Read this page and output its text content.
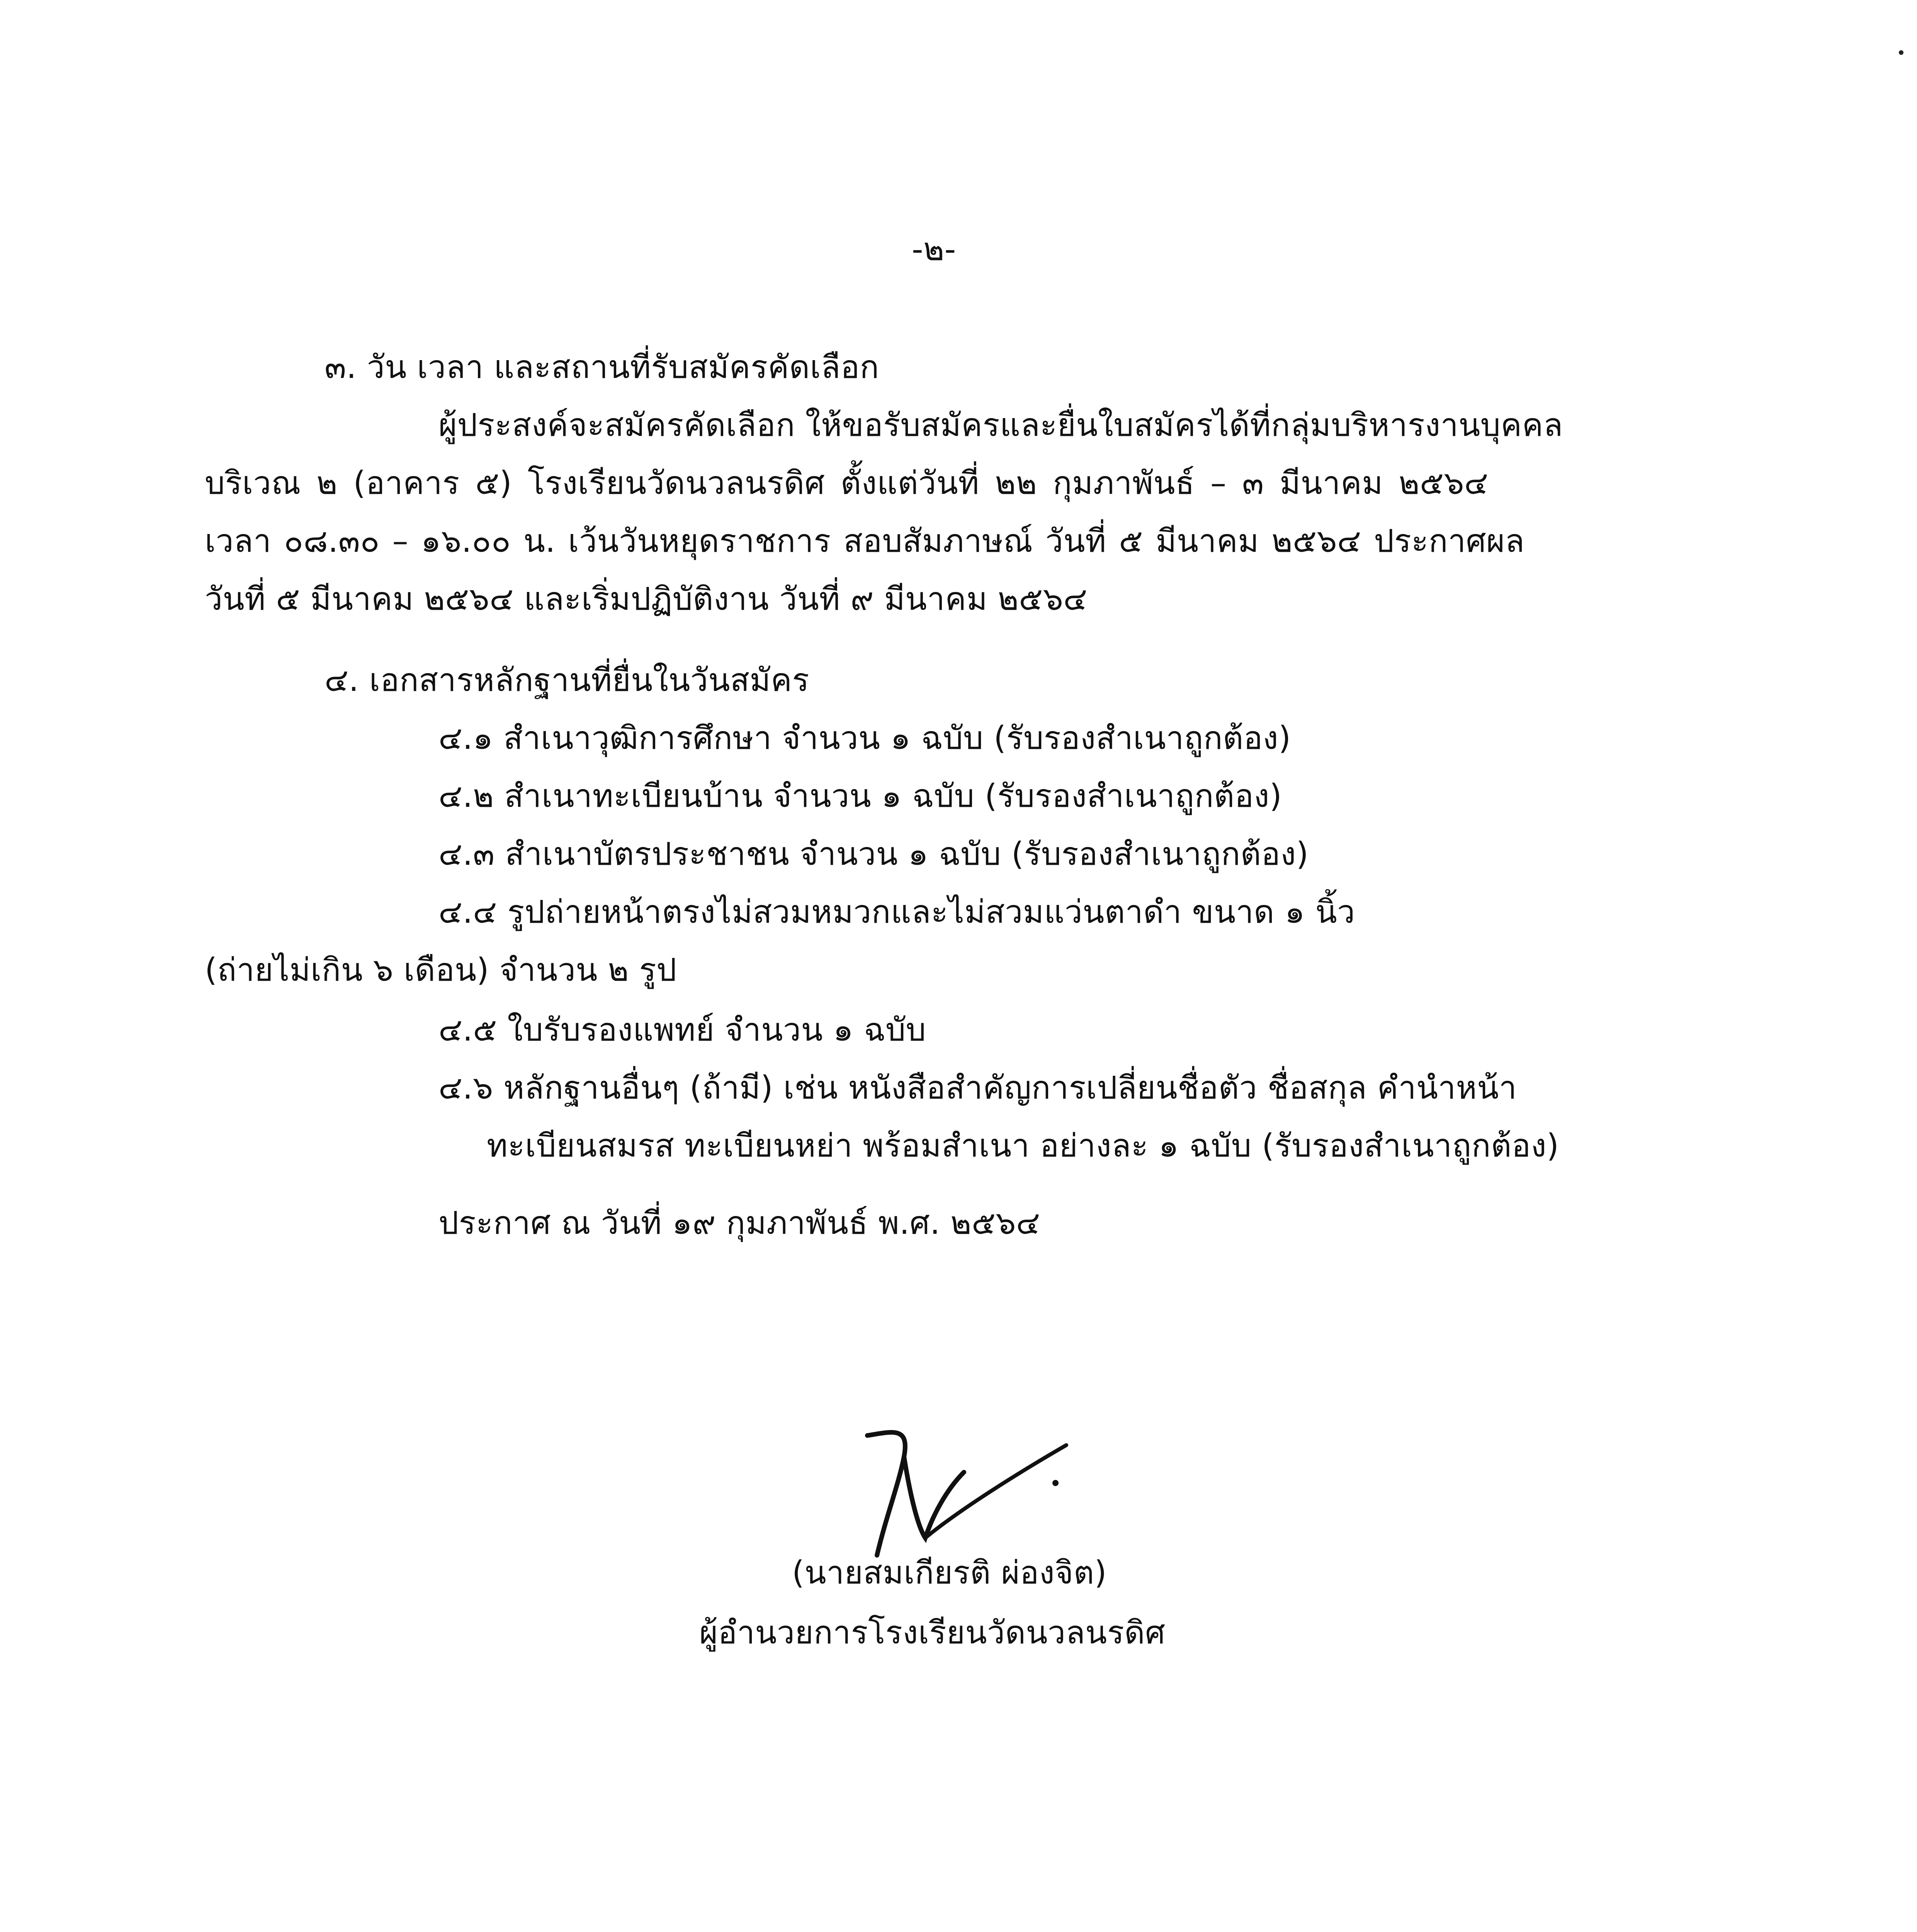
-๒-
๓. วัน เวลา และสถานที่รับสมัครคัดเลือก
ผู้ประสงค์จะสมัครคัดเลือก ให้ขอรับสมัครและยื่นใบสมัครได้ที่กลุ่มบริหารงานบุคคล
บริเวณ ๒ (อาคาร ๕) โรงเรียนวัดนวลนรดิศ ตั้งแต่วันที่ ๒๒ กุมภาพันธ์ – ๓ มีนาคม ๒๕๖๔
เวลา ๐๘.๓๐ – ๑๖.๐๐ น. เว้นวันหยุดราชการ สอบสัมภาษณ์ วันที่ ๕ มีนาคม ๒๕๖๔ ประกาศผล
วันที่ ๕ มีนาคม ๒๕๖๔ และเริ่มปฏิบัติงาน วันที่ ๙ มีนาคม ๒๕๖๔
๔. เอกสารหลักฐานที่ยื่นในวันสมัคร
๔.๑ สำเนาวุฒิการศึกษา จำนวน ๑ ฉบับ (รับรองสำเนาถูกต้อง)
๔.๒ สำเนาทะเบียนบ้าน จำนวน ๑ ฉบับ (รับรองสำเนาถูกต้อง)
๔.๓ สำเนาบัตรประชาชน จำนวน ๑ ฉบับ (รับรองสำเนาถูกต้อง)
๔.๔ รูปถ่ายหน้าตรงไม่สวมหมวกและไม่สวมแว่นตาดำ ขนาด ๑ นิ้ว
(ถ่ายไม่เกิน ๖ เดือน) จำนวน ๒ รูป
๔.๕ ใบรับรองแพทย์ จำนวน ๑ ฉบับ
๔.๖ หลักฐานอื่นๆ (ถ้ามี) เช่น หนังสือสำคัญการเปลี่ยนชื่อตัว ชื่อสกุล คำนำหน้า
ทะเบียนสมรส ทะเบียนหย่า พร้อมสำเนา อย่างละ ๑ ฉบับ (รับรองสำเนาถูกต้อง)
ประกาศ ณ วันที่ ๑๙ กุมภาพันธ์ พ.ศ. ๒๕๖๔
(นายสมเกียรติ ผ่องจิต)
ผู้อำนวยการโรงเรียนวัดนวลนรดิศ
